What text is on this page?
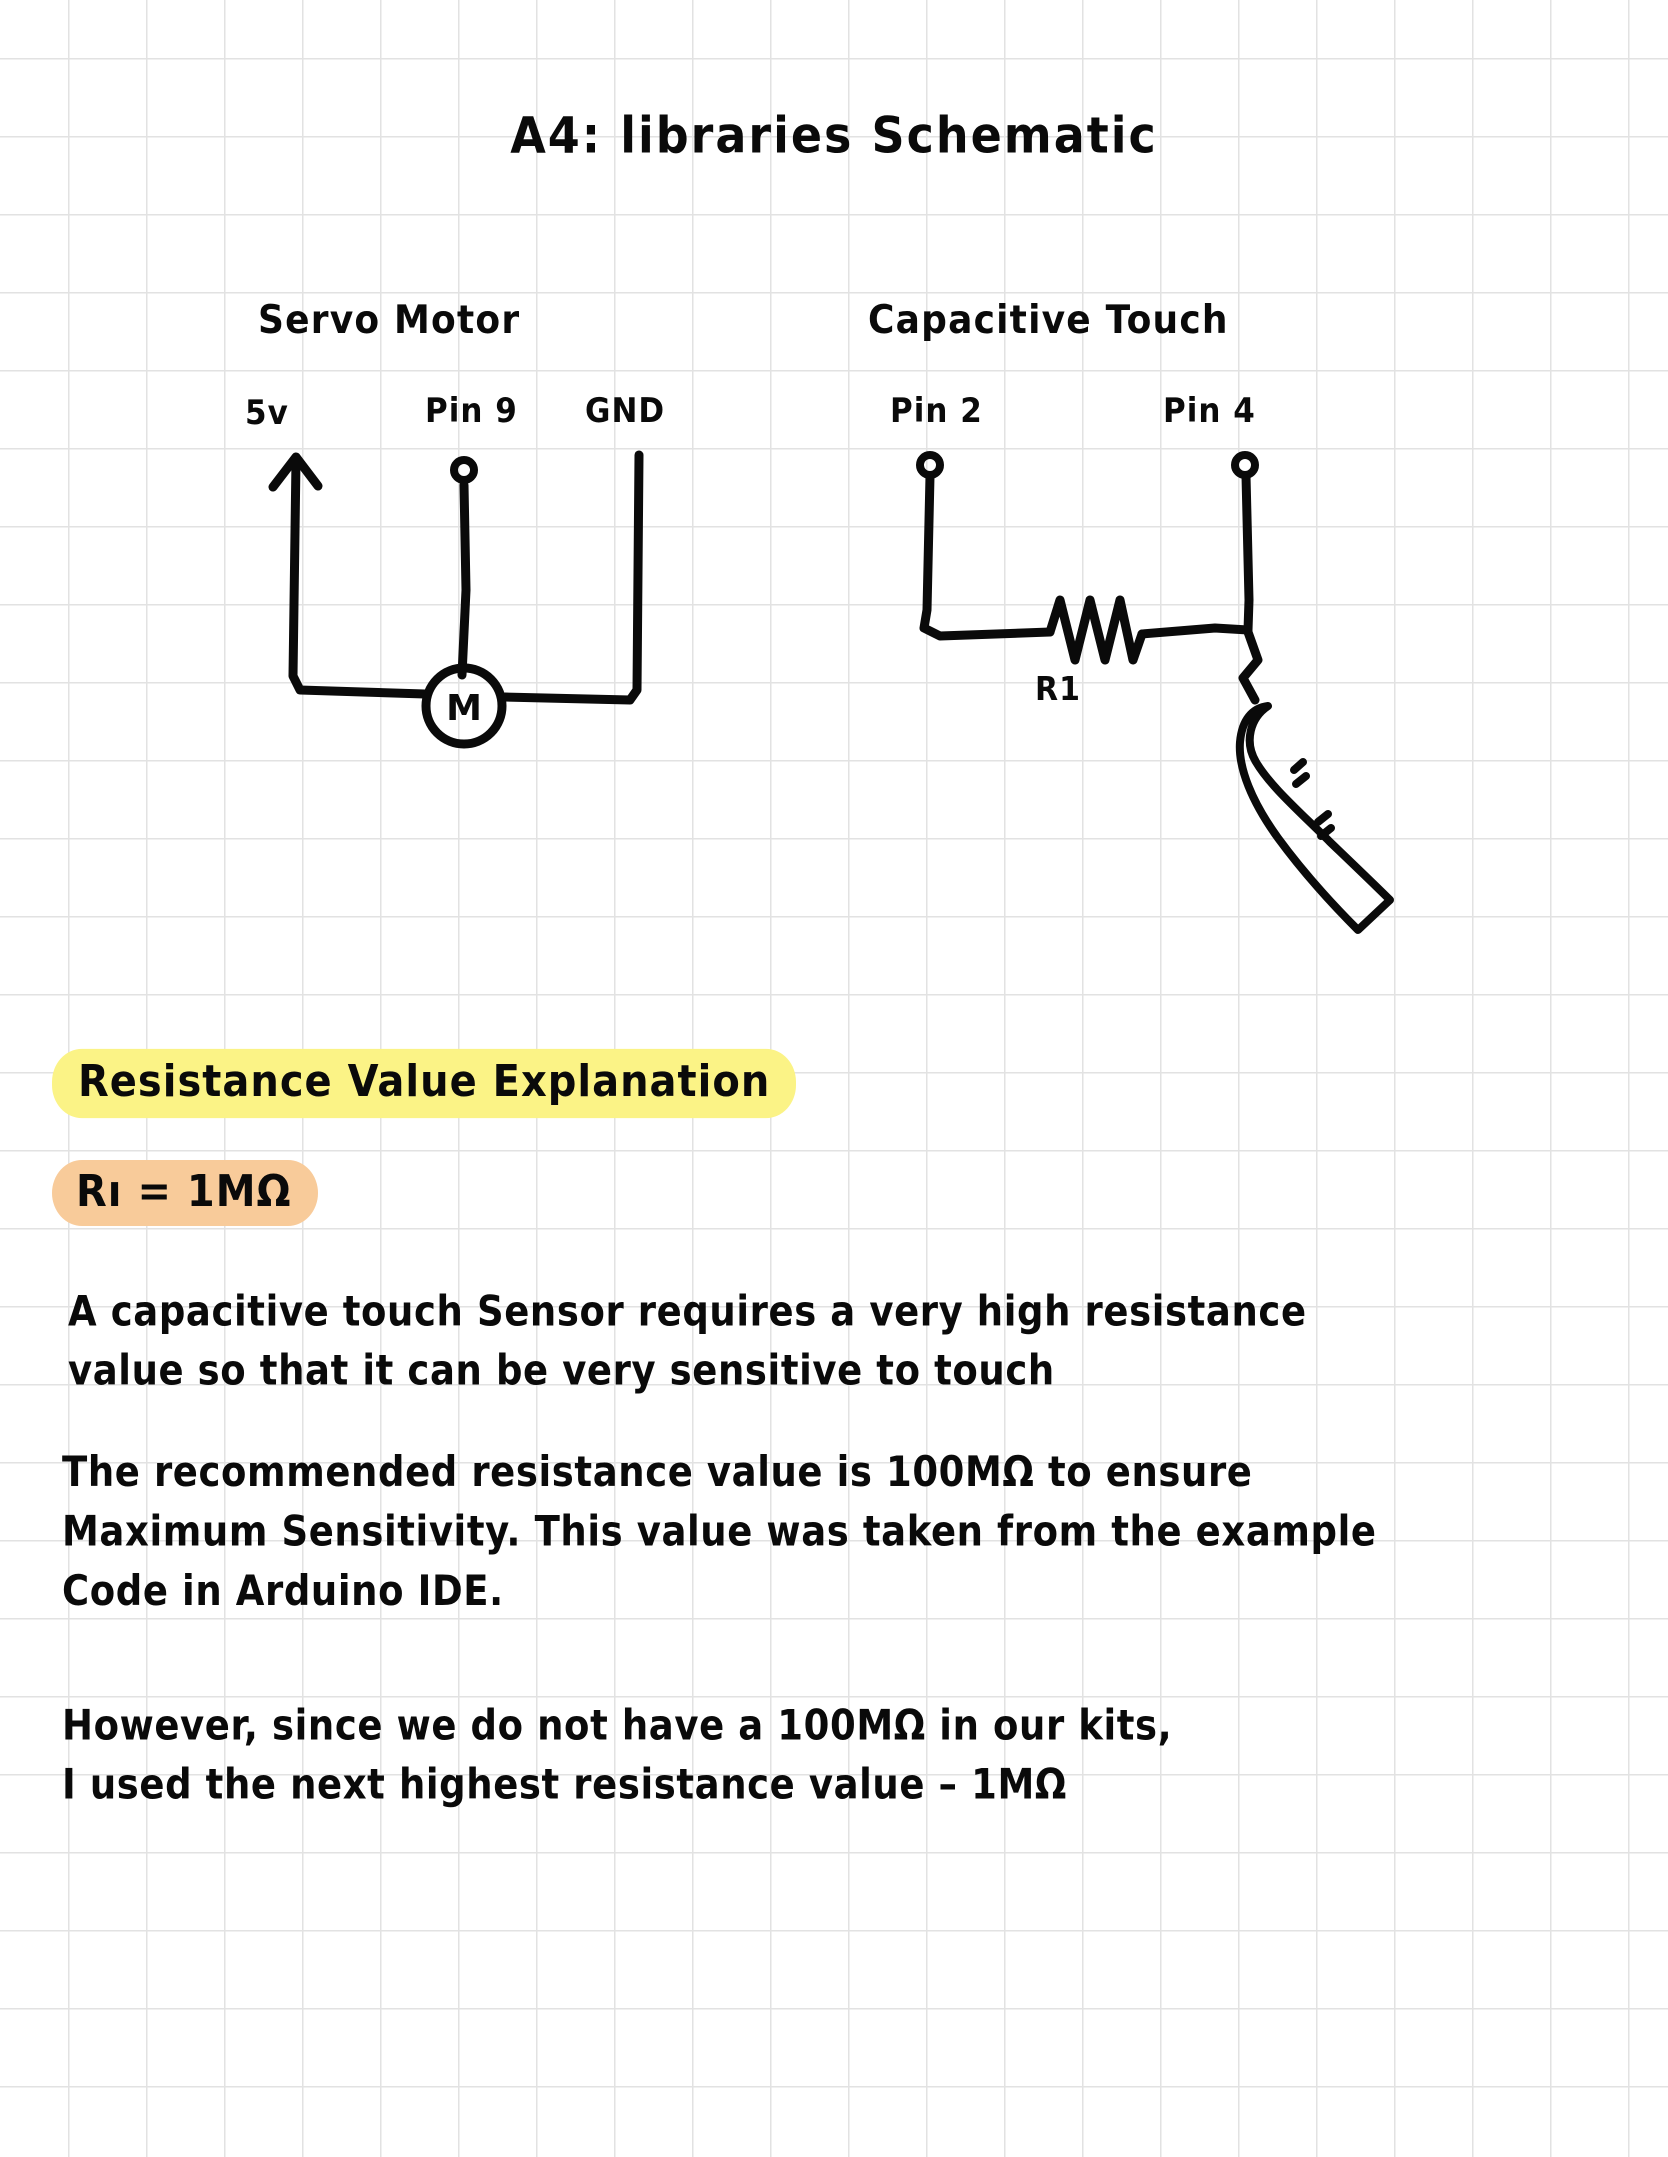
A4: libraries Schematic
Servo Motor	Capacitive Touch
5v	Pin 9 GND	Pin 2	Pin 4
R1
M
Resistance Value Explanation
Rı = 1MΩ
A capacitive touch Sensor requires a very high resistance
value so that it can be very sensitive to touch
The recommended resistance value is 100MΩ to ensure
Maximum Sensitivity. This value was taken from the example
Code in Arduino IDE.
However, since we do not have a 100MΩ in our kits,
I used the next highest resistance value – 1MΩ
